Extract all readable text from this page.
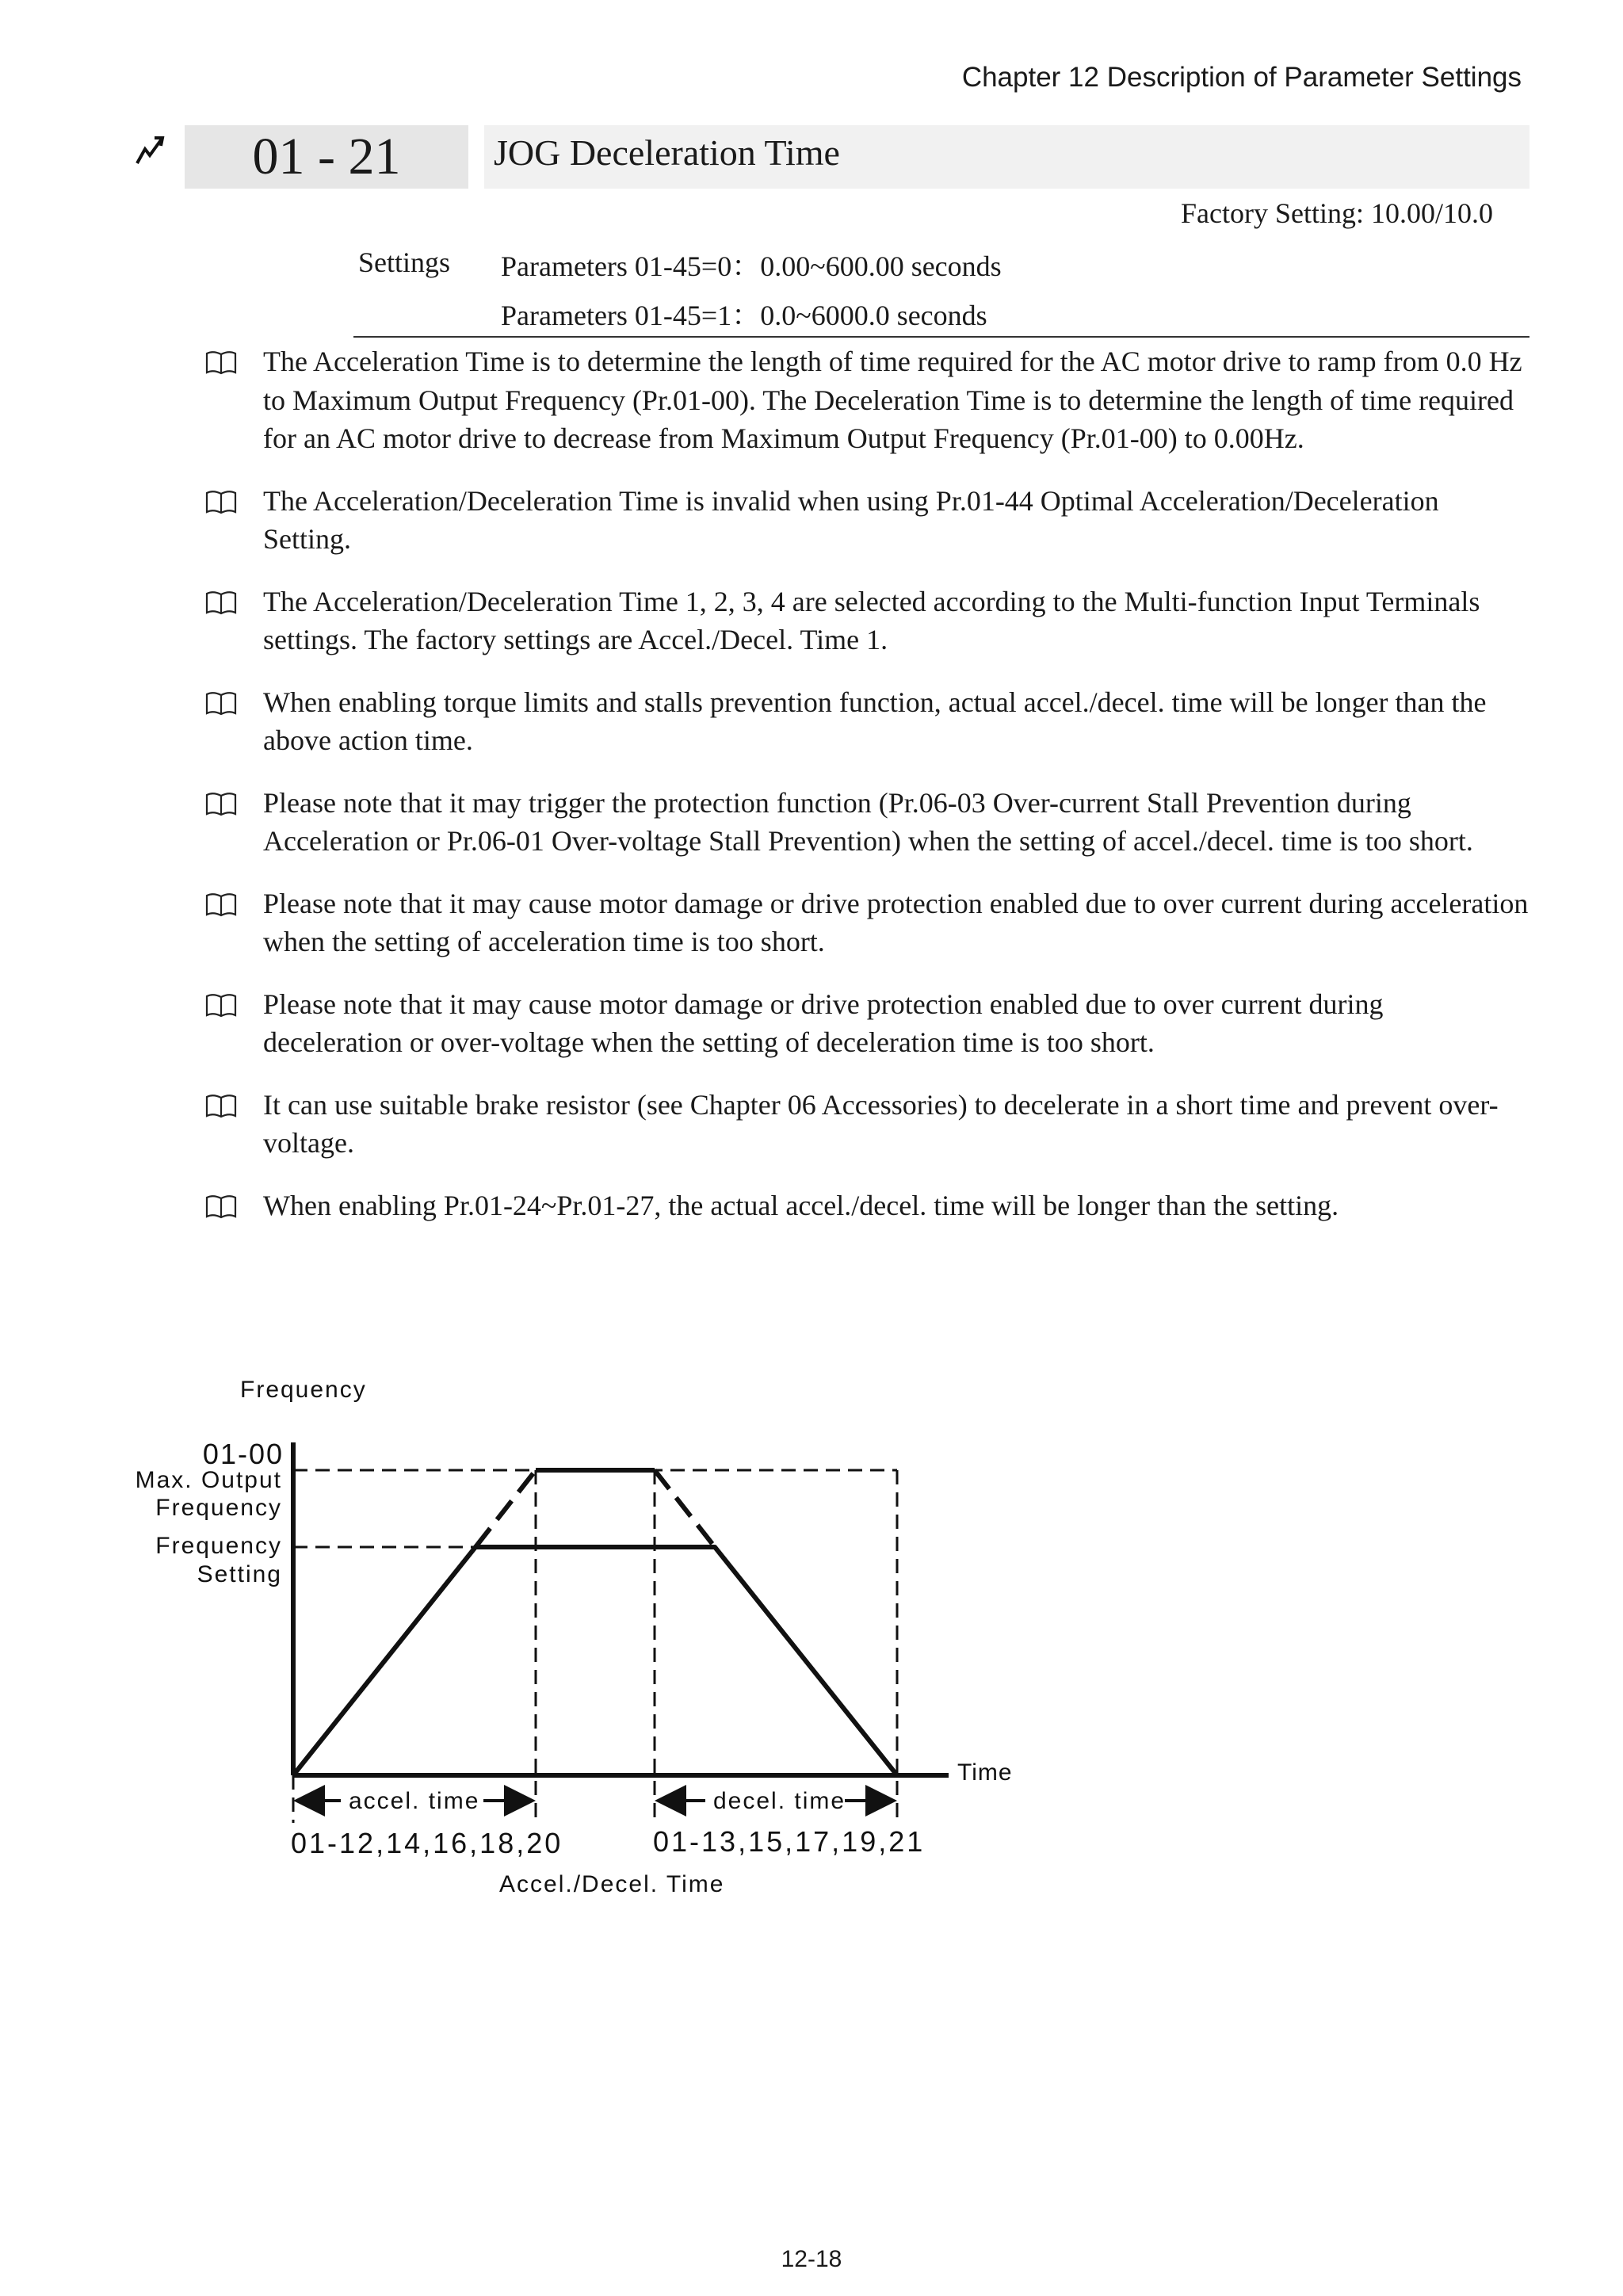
Chapter 12 Description of Parameter Settings
01 - 21	JOG Deceleration Time
Factory Setting: 10.00/10.0
Settings Parameters 01-45=0：0.00~600.00 seconds
Parameters 01-45=1：0.0~6000.0 seconds
The Acceleration Time is to determine the length of time required for the AC motor drive to ramp from 0.0 Hz to Maximum Output Frequency (Pr.01-00). The Deceleration Time is to determine the length of time required for an AC motor drive to decrease from Maximum Output Frequency (Pr.01-00) to 0.00Hz.
The Acceleration/Deceleration Time is invalid when using Pr.01-44 Optimal Acceleration/Deceleration Setting.
The Acceleration/Deceleration Time 1, 2, 3, 4 are selected according to the Multi-function Input Terminals settings. The factory settings are Accel./Decel. Time 1.
When enabling torque limits and stalls prevention function, actual accel./decel. time will be longer than the above action time.
Please note that it may trigger the protection function (Pr.06-03 Over-current Stall Prevention during Acceleration or Pr.06-01 Over-voltage Stall Prevention) when the setting of accel./decel. time is too short.
Please note that it may cause motor damage or drive protection enabled due to over current during acceleration when the setting of acceleration time is too short.
Please note that it may cause motor damage or drive protection enabled due to over current during deceleration or over-voltage when the setting of deceleration time is too short.
It can use suitable brake resistor (see Chapter 06 Accessories) to decelerate in a short time and prevent over-voltage.
When enabling Pr.01-24~Pr.01-27, the actual accel./decel. time will be longer than the setting.
Frequency
Time
01-00
Max. Output
Frequency
Frequency
Setting
accel. time	decel. time
01-12,14,16,18,20	01-13,15,17,19,21
Accel./Decel. Time
12-18
